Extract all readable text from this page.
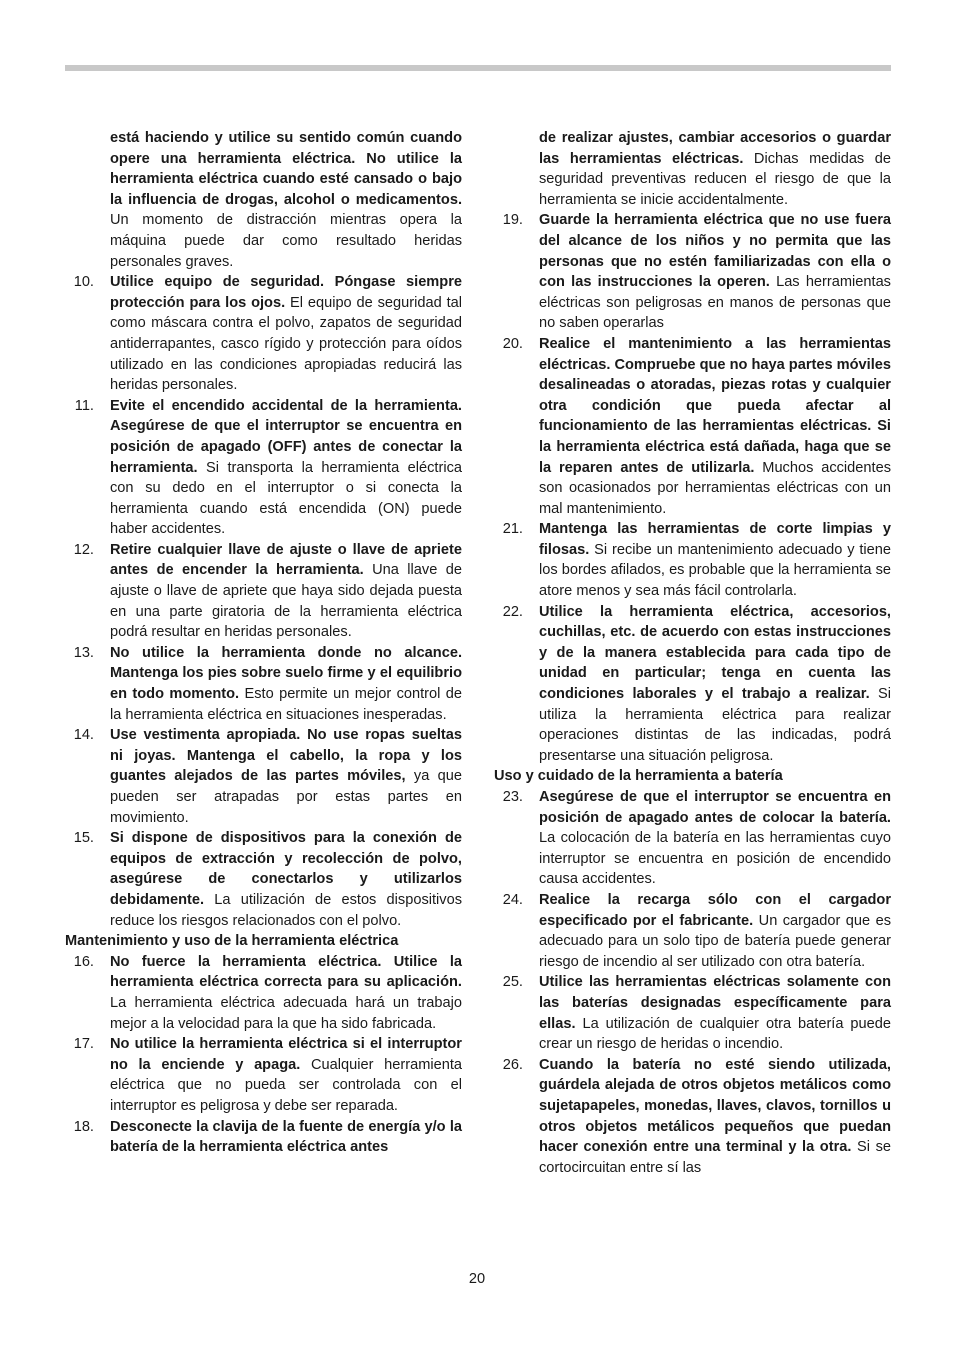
está haciendo y utilice su sentido común cuando opere una herramienta eléctrica. No utilice la herramienta eléctrica cuando esté cansado o bajo la influencia de drogas, alcohol o medicamentos. Un momento de distracción mientras opera la máquina puede dar como resultado heridas personales graves.
10. Utilice equipo de seguridad. Póngase siempre protección para los ojos. El equipo de seguridad tal como máscara contra el polvo, zapatos de seguridad antiderrapantes, casco rígido y protección para oídos utilizado en las condiciones apropiadas reducirá las heridas personales.
11. Evite el encendido accidental de la herramienta. Asegúrese de que el interruptor se encuentra en posición de apagado (OFF) antes de conectar la herramienta. Si transporta la herramienta eléctrica con su dedo en el interruptor o si conecta la herramienta cuando está encendida (ON) puede haber accidentes.
12. Retire cualquier llave de ajuste o llave de apriete antes de encender la herramienta. Una llave de ajuste o llave de apriete que haya sido dejada puesta en una parte giratoria de la herramienta eléctrica podrá resultar en heridas personales.
13. No utilice la herramienta donde no alcance. Mantenga los pies sobre suelo firme y el equilibrio en todo momento. Esto permite un mejor control de la herramienta eléctrica en situaciones inesperadas.
14. Use vestimenta apropiada. No use ropas sueltas ni joyas. Mantenga el cabello, la ropa y los guantes alejados de las partes móviles, ya que pueden ser atrapadas por estas partes en movimiento.
15. Si dispone de dispositivos para la conexión de equipos de extracción y recolección de polvo, asegúrese de conectarlos y utilizarlos debidamente. La utilización de estos dispositivos reduce los riesgos relacionados con el polvo.
Mantenimiento y uso de la herramienta eléctrica
16. No fuerce la herramienta eléctrica. Utilice la herramienta eléctrica correcta para su aplicación. La herramienta eléctrica adecuada hará un trabajo mejor a la velocidad para la que ha sido fabricada.
17. No utilice la herramienta eléctrica si el interruptor no la enciende y apaga. Cualquier herramienta eléctrica que no pueda ser controlada con el interruptor es peligrosa y debe ser reparada.
18. Desconecte la clavija de la fuente de energía y/o la batería de la herramienta eléctrica antes
de realizar ajustes, cambiar accesorios o guardar las herramientas eléctricas. Dichas medidas de seguridad preventivas reducen el riesgo de que la herramienta se inicie accidentalmente.
19. Guarde la herramienta eléctrica que no use fuera del alcance de los niños y no permita que las personas que no estén familiarizadas con ella o con las instrucciones la operen. Las herramientas eléctricas son peligrosas en manos de personas que no saben operarlas
20. Realice el mantenimiento a las herramientas eléctricas. Compruebe que no haya partes móviles desalineadas o atoradas, piezas rotas y cualquier otra condición que pueda afectar al funcionamiento de las herramientas eléctricas. Si la herramienta eléctrica está dañada, haga que se la reparen antes de utilizarla. Muchos accidentes son ocasionados por herramientas eléctricas con un mal mantenimiento.
21. Mantenga las herramientas de corte limpias y filosas. Si recibe un mantenimiento adecuado y tiene los bordes afilados, es probable que la herramienta se atore menos y sea más fácil controlarla.
22. Utilice la herramienta eléctrica, accesorios, cuchillas, etc. de acuerdo con estas instrucciones y de la manera establecida para cada tipo de unidad en particular; tenga en cuenta las condiciones laborales y el trabajo a realizar. Si utiliza la herramienta eléctrica para realizar operaciones distintas de las indicadas, podrá presentarse una situación peligrosa.
Uso y cuidado de la herramienta a batería
23. Asegúrese de que el interruptor se encuentra en posición de apagado antes de colocar la batería. La colocación de la batería en las herramientas cuyo interruptor se encuentra en posición de encendido causa accidentes.
24. Realice la recarga sólo con el cargador especificado por el fabricante. Un cargador que es adecuado para un solo tipo de batería puede generar riesgo de incendio al ser utilizado con otra batería.
25. Utilice las herramientas eléctricas solamente con las baterías designadas específicamente para ellas. La utilización de cualquier otra batería puede crear un riesgo de heridas o incendio.
26. Cuando la batería no esté siendo utilizada, guárdela alejada de otros objetos metálicos como sujetapapeles, monedas, llaves, clavos, tornillos u otros objetos metálicos pequeños que puedan hacer conexión entre una terminal y la otra. Si se cortocircuitan entre sí las
20
